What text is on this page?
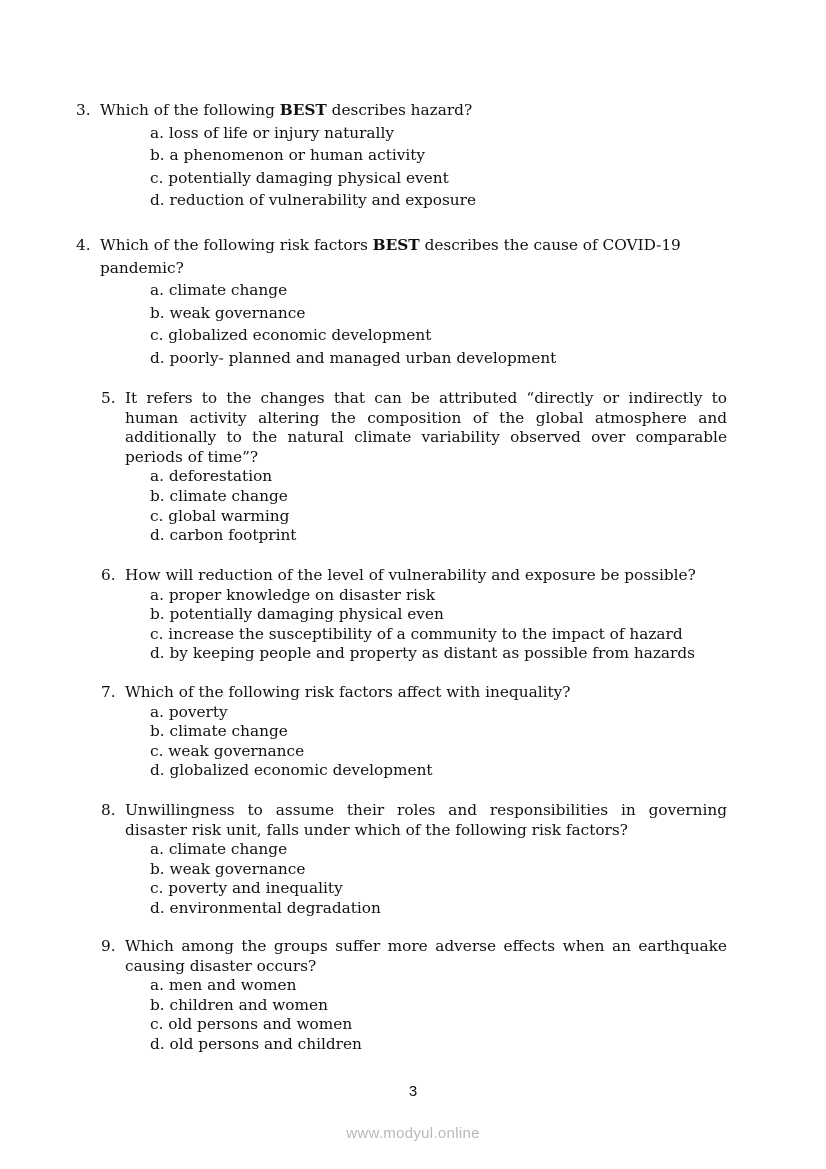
3. Which of the following BEST describes hazard?
a. loss of life or injury naturally
b. a phenomenon or human activity
c. potentially damaging physical event
d. reduction of vulnerability and exposure
4. Which of the following risk factors BEST describes the cause of COVID-19 pandemic?
a. climate change
b. weak governance
c. globalized economic development
d. poorly- planned and managed urban development
5. It refers to the changes that can be attributed “directly or indirectly to human activity altering the composition of the global atmosphere and additionally to the natural climate variability observed over comparable periods of time”?
a. deforestation
b. climate change
c. global warming
d. carbon footprint
6. How will reduction of the level of vulnerability and exposure be possible?
a. proper knowledge on disaster risk
b. potentially damaging physical even
c. increase the susceptibility of a community to the impact of hazard
d. by keeping people and property as distant as possible from hazards
7. Which of the following risk factors affect with inequality?
a. poverty
b. climate change
c. weak governance
d. globalized economic development
8. Unwillingness to assume their roles and responsibilities in governing disaster risk unit, falls under which of the following risk factors?
a. climate change
b. weak governance
c. poverty and inequality
d. environmental degradation
9. Which among the groups suffer more adverse effects when an earthquake causing disaster occurs?
a. men and women
b. children and women
c. old persons and women
d. old persons and children
3
www.modyul.online
